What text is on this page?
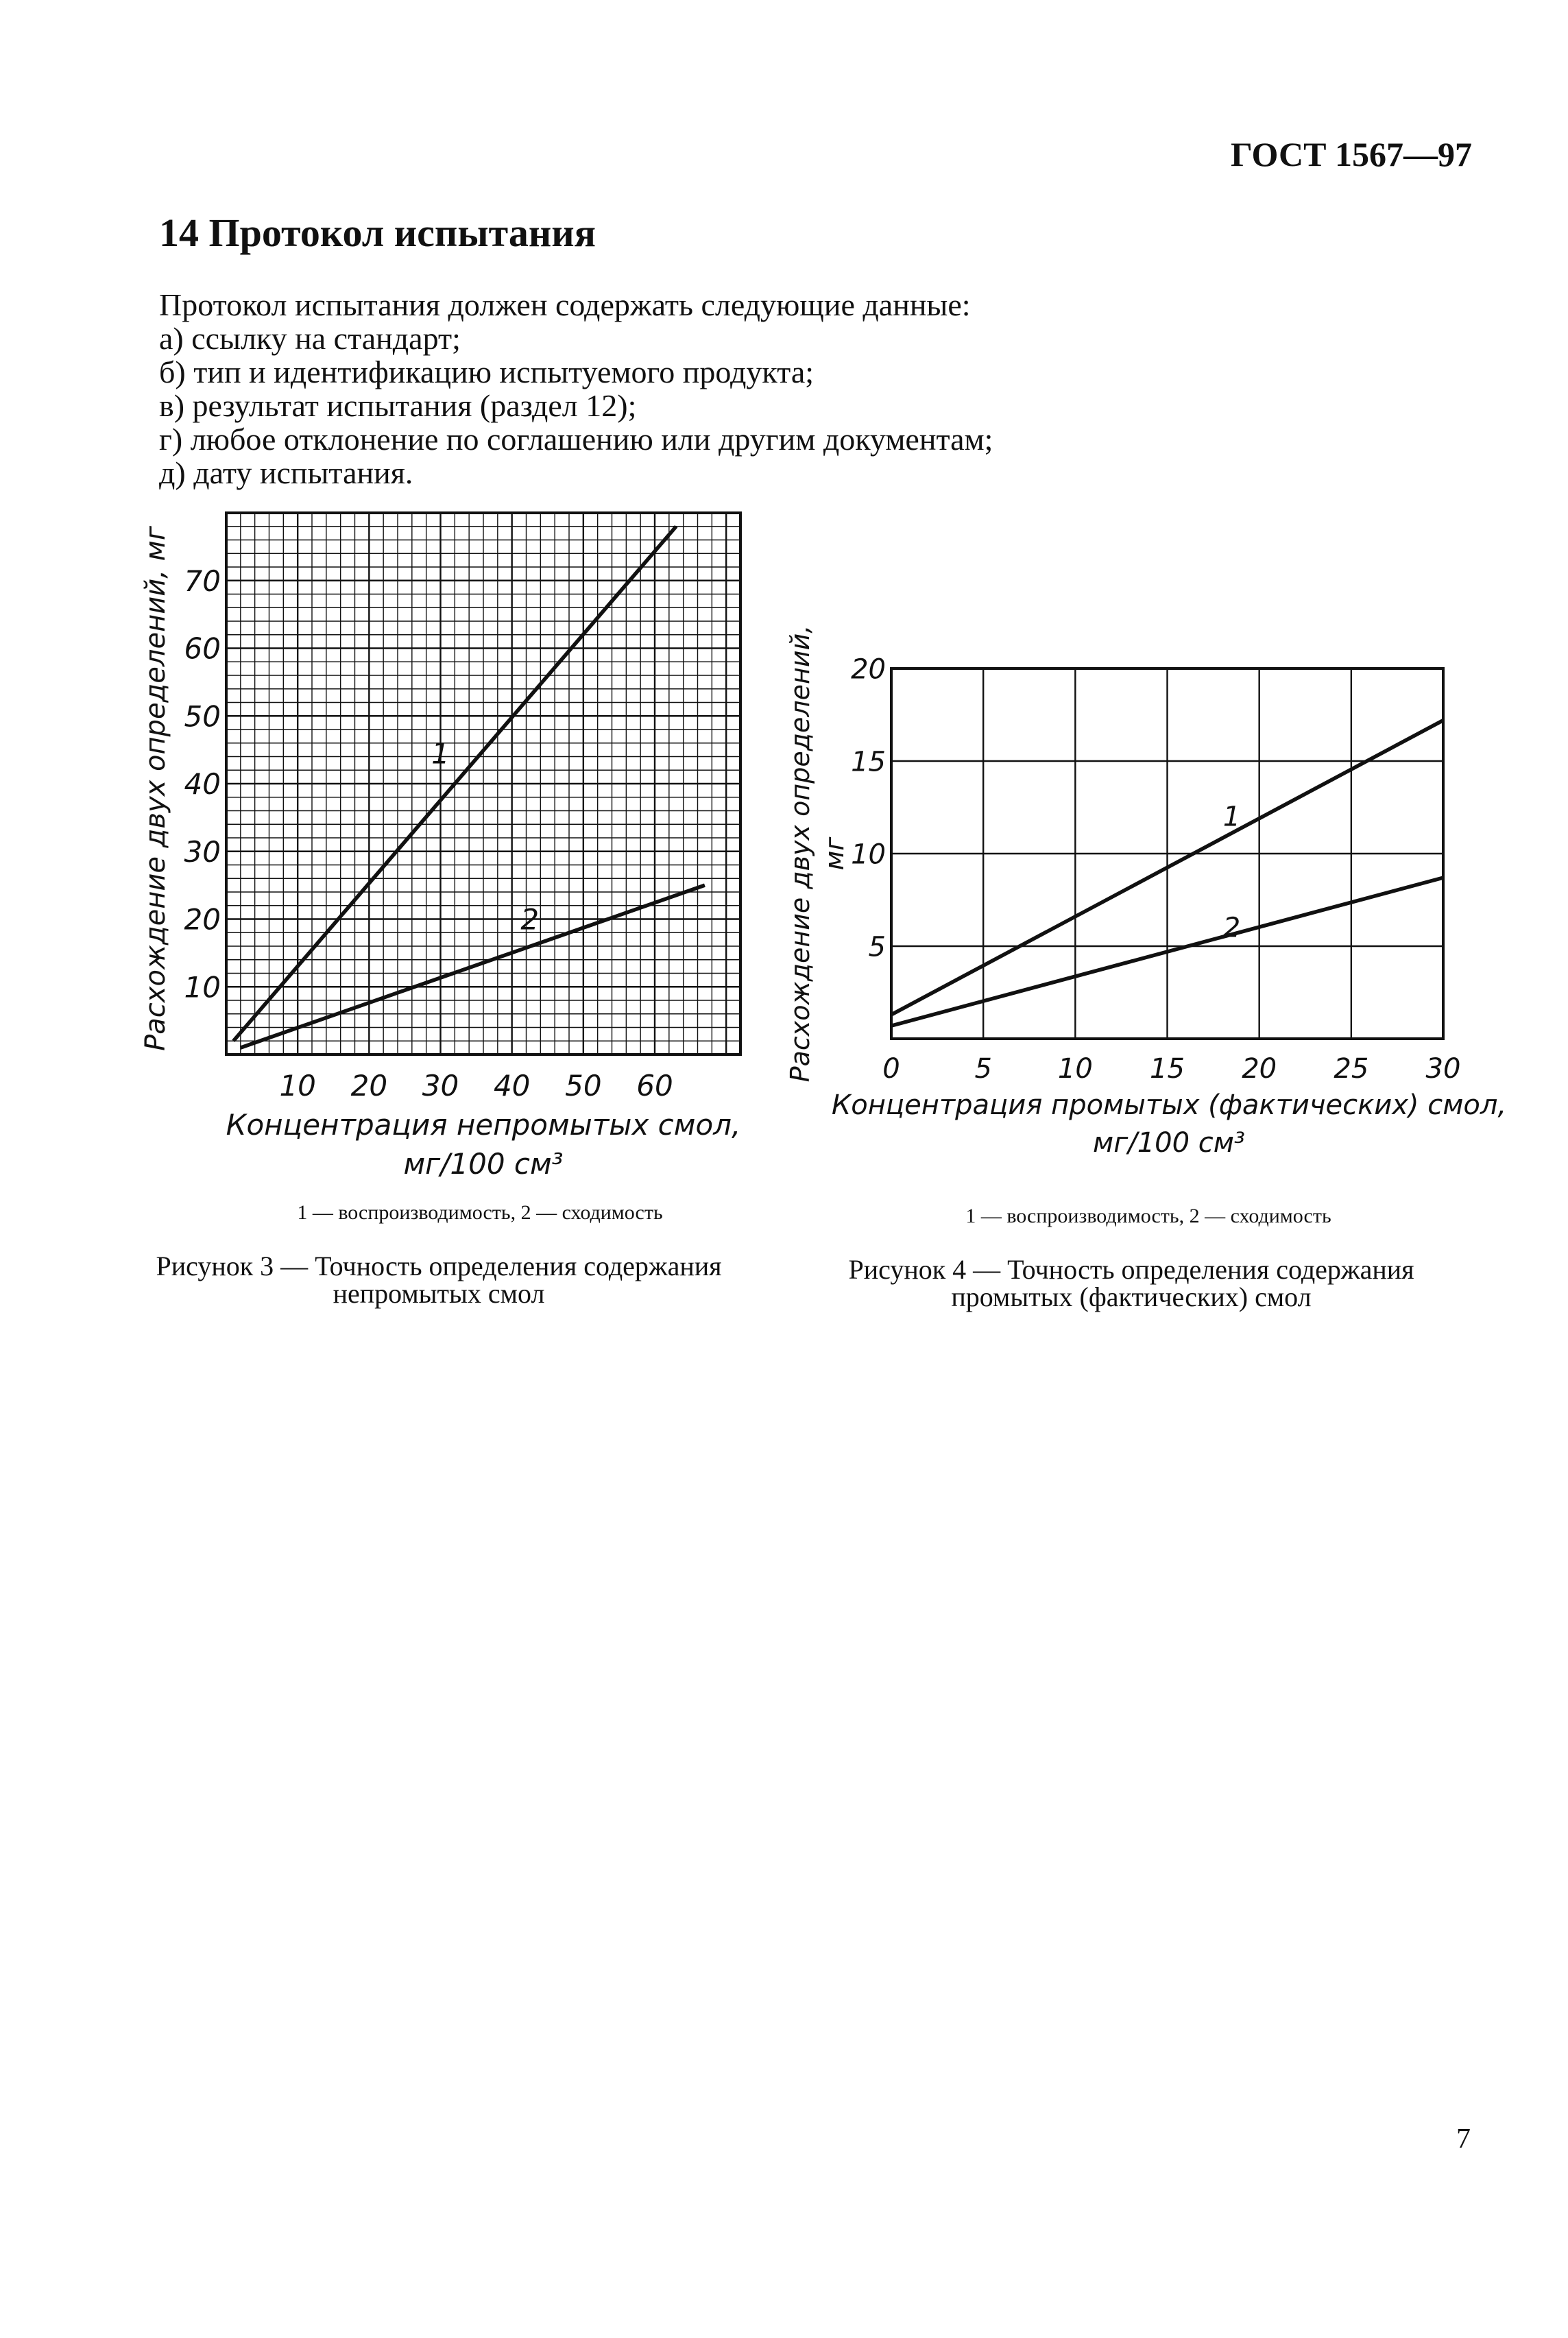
ГОСТ 1567—97
14 Протокол испытания

Протокол испытания должен содержать следующие данные:

а) ссылку на стандарт;
б) тип и идентификацию испытуемого продукта;
в) результат испытания (раздел 12);
г) любое отклонение по соглашению или другим документам;
д) дату испытания.
10 20 30 40 50 60
10
20
30
40
50
60
70
1
2
Концентрация непромытых смол,
мг/100 см³
Расхождение двух определений, мг
0	5 10 15 20 25 30
5
10
15
20
1
2
Концентрация промытых (фактических) смол,
мг/100 см³
Расхождение двух определений, мг
1 — воспроизводимость, 2 — сходимость
Рисунок 3 — Точность определения содержания
непромытых смол
1 — воспроизводимость, 2 — сходимость
Рисунок 4 — Точность определения содержания
промытых (фактических) смол
7
